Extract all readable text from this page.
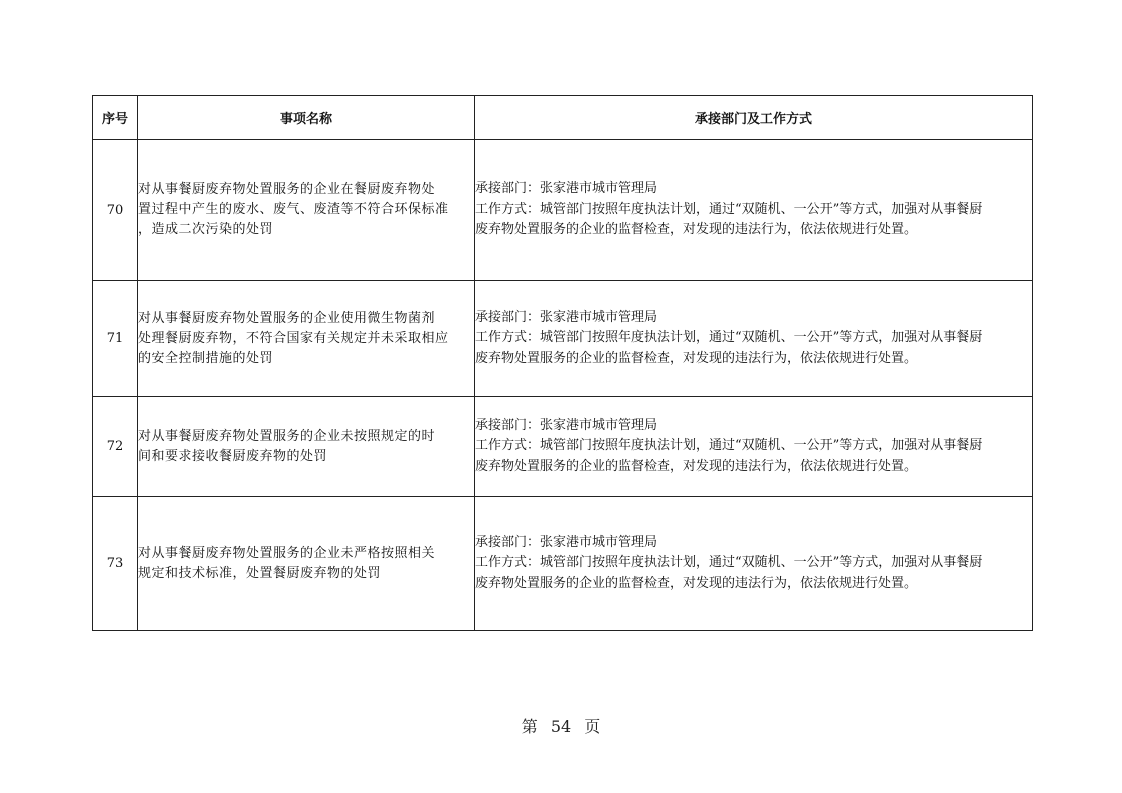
序号	事项名称	承接部门及工作方式
70	对从事餐厨废弃物处置服务的企业在餐厨废弃物处
置过程中产生的废水、废气、废渣等不符合环保标准
，造成二次污染的处罚	承接部门：张家港市城市管理局
工作方式：城管部门按照年度执法计划，通过“双随机、一公开”等方式，加强对从事餐厨
废弃物处置服务的企业的监督检查，对发现的违法行为，依法依规进行处置。

71	对从事餐厨废弃物处置服务的企业使用微生物菌剂
处理餐厨废弃物，不符合国家有关规定并未采取相应
的安全控制措施的处罚	承接部门：张家港市城市管理局
工作方式：城管部门按照年度执法计划，通过“双随机、一公开”等方式，加强对从事餐厨
废弃物处置服务的企业的监督检查，对发现的违法行为，依法依规进行处置。

72	对从事餐厨废弃物处置服务的企业未按照规定的时
间和要求接收餐厨废弃物的处罚	承接部门：张家港市城市管理局
工作方式：城管部门按照年度执法计划，通过“双随机、一公开”等方式，加强对从事餐厨
废弃物处置服务的企业的监督检查，对发现的违法行为，依法依规进行处置。

73	对从事餐厨废弃物处置服务的企业未严格按照相关
规定和技术标准，处置餐厨废弃物的处罚	承接部门：张家港市城市管理局
工作方式：城管部门按照年度执法计划，通过“双随机、一公开”等方式，加强对从事餐厨
废弃物处置服务的企业的监督检查，对发现的违法行为，依法依规进行处置。
第 54 页
